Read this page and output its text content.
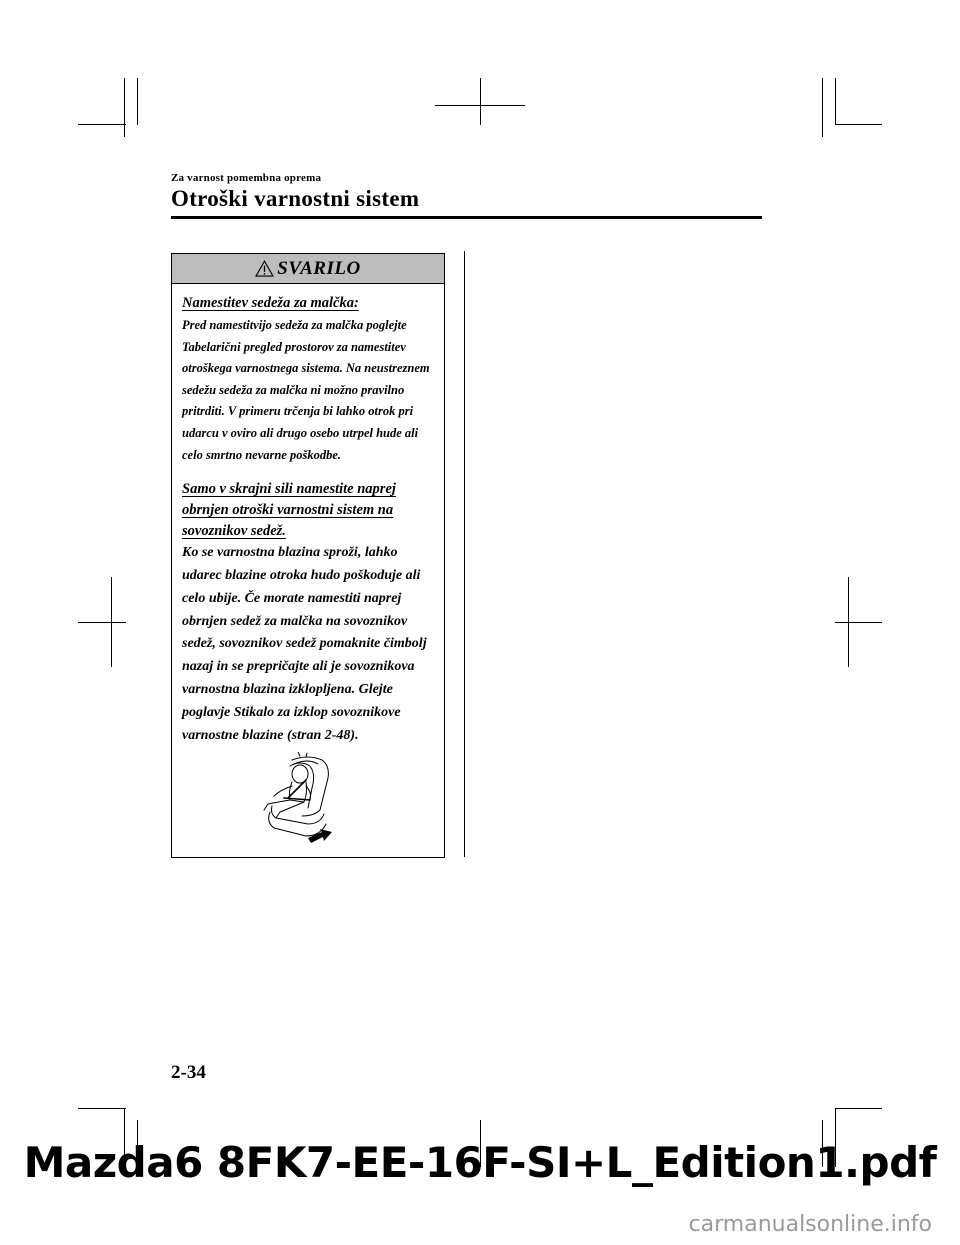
Za varnost pomembna oprema
Otroški varnostni sistem
SVARILO
Namestitev sedeža za malčka:
Pred namestitvijo sedeža za malčka poglejte Tabelarični pregled prostorov za namestitev otroškega varnostnega sistema. Na neustreznem sedežu sedeža za malčka ni možno pravilno pritrditi. V primeru trčenja bi lahko otrok pri udarcu v oviro ali drugo osebo utrpel hude ali celo smrtno nevarne poškodbe.
Samo v skrajni sili namestite naprej obrnjen otroški varnostni sistem na sovoznikov sedež.
Ko se varnostna blazina sproži, lahko udarec blazine otroka hudo poškoduje ali celo ubije. Če morate namestiti naprej obrnjen sedež za malčka na sovoznikov sedež, sovoznikov sedež pomaknite čimbolj nazaj in se prepričajte ali je sovoznikova varnostna blazina izklopljena. Glejte poglavje Stikalo za izklop sovoznikove varnostne blazine (stran 2-48).
2-34
Mazda6 8FK7-EE-16F-SI+L_Edition1.pdf
carmanualsonline.info
